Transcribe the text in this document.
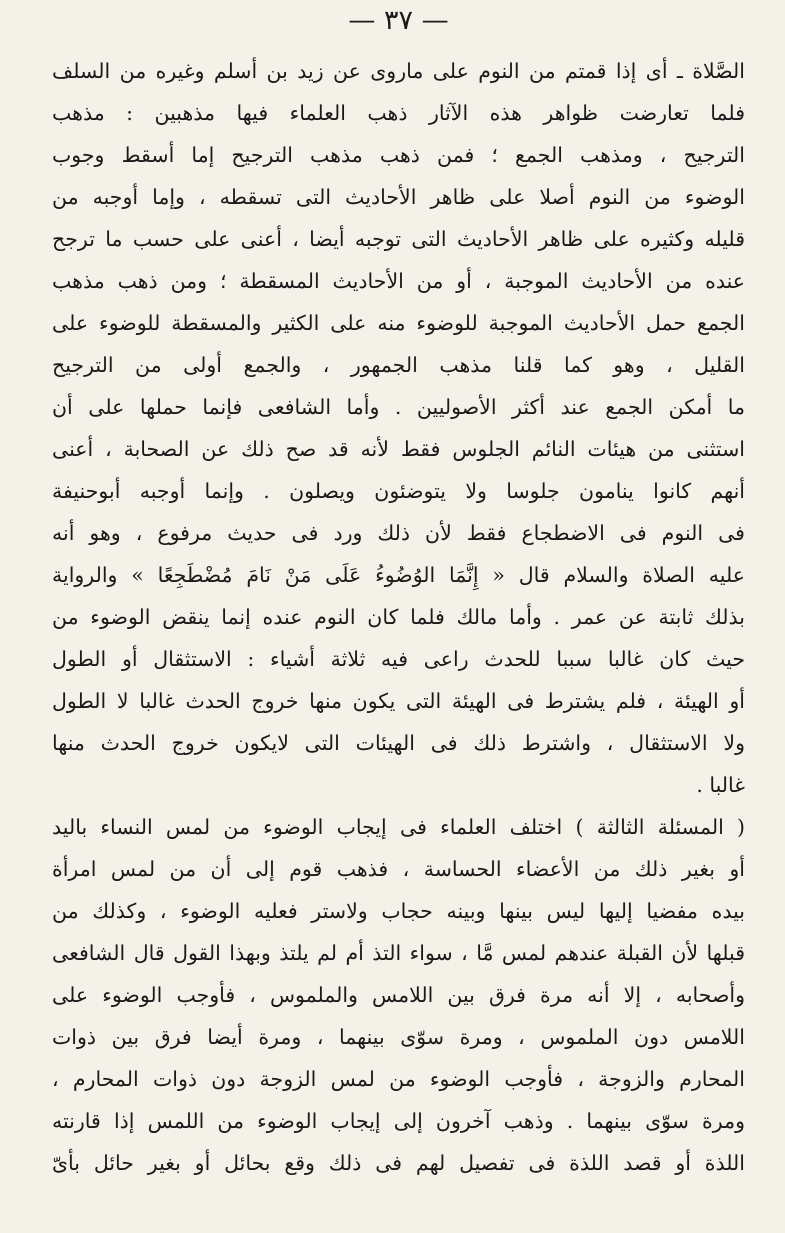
— ٣٧ —
الصَّلاة ـ أى إذا قمتم من النوم على ماروى عن زيد بن أسلم وغيره من السلف
فلما تعارضت ظواهر هذه الآثار ذهب العلماء فيها مذهبين : مذهب
الترجيح ، ومذهب الجمع ؛ فمن ذهب مذهب الترجيح إما أسقط وجوب
الوضوء من النوم أصلا على ظاهر الأحاديث التى تسقطه ، وإما أوجبه من
قليله وكثيره على ظاهر الأحاديث التى توجبه أيضا ، أعنى على حسب ما ترجح
عنده من الأحاديث الموجبة ، أو من الأحاديث المسقطة ؛ ومن ذهب مذهب
الجمع حمل الأحاديث الموجبة للوضوء منه على الكثير والمسقطة للوضوء على
القليل ، وهو كما قلنا مذهب الجمهور ، والجمع أولى من الترجيح
ما أمكن الجمع عند أكثر الأصوليين . وأما الشافعى فإنما حملها على أن
استثنى من هيئات النائم الجلوس فقط لأنه قد صح ذلك عن الصحابة ، أعنى
أنهم كانوا ينامون جلوسا ولا يتوضئون ويصلون . وإنما أوجبه أبوحنيفة
فى النوم فى الاضطجاع فقط لأن ذلك ورد فى حديث مرفوع ، وهو أنه
عليه الصلاة والسلام قال « إِنَّمَا الوُضُوءُ عَلَى مَنْ نَامَ مُضْطَجِعًا » والرواية
بذلك ثابتة عن عمر . وأما مالك فلما كان النوم عنده إنما ينقض الوضوء من
حيث كان غالبا سببا للحدث راعى فيه ثلاثة أشياء : الاستثقال أو الطول
أو الهيئة ، فلم يشترط فى الهيئة التى يكون منها خروج الحدث غالبا لا الطول
ولا الاستثقال ، واشترط ذلك فى الهيئات التى لايكون خروج الحدث منها
غالبا .
( المسئلة الثالثة ) اختلف العلماء فى إيجاب الوضوء من لمس النساء باليد
أو بغير ذلك من الأعضاء الحساسة ، فذهب قوم إلى أن من لمس امرأة
بيده مفضيا إليها ليس بينها وبينه حجاب ولاستر فعليه الوضوء ، وكذلك من
قبلها لأن القبلة عندهم لمس مَّا ، سواء التذ أم لم يلتذ وبهذا القول قال الشافعى
وأصحابه ، إلا أنه مرة فرق بين اللامس والملموس ، فأوجب الوضوء على
اللامس دون الملموس ، ومرة سوّى بينهما ، ومرة أيضا فرق بين ذوات
المحارم والزوجة ، فأوجب الوضوء من لمس الزوجة دون ذوات المحارم ،
ومرة سوّى بينهما . وذهب آخرون إلى إيجاب الوضوء من اللمس إذا قارنته
اللذة أو قصد اللذة فى تفصيل لهم فى ذلك وقع بحائل أو بغير حائل بأىّ
